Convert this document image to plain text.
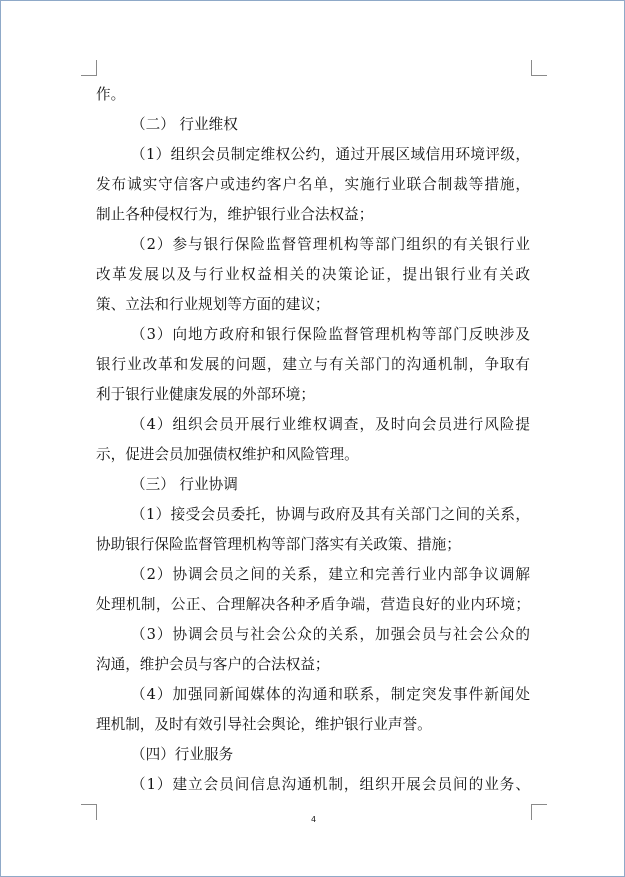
作。
（二） 行业维权
（1）组织会员制定维权公约，通过开展区域信用环境评级，
发布诚实守信客户或违约客户名单，实施行业联合制裁等措施，
制止各种侵权行为，维护银行业合法权益；
（2）参与银行保险监督管理机构等部门组织的有关银行业
改革发展以及与行业权益相关的决策论证，提出银行业有关政
策、立法和行业规划等方面的建议；
（3）向地方政府和银行保险监督管理机构等部门反映涉及
银行业改革和发展的问题，建立与有关部门的沟通机制，争取有
利于银行业健康发展的外部环境；
（4）组织会员开展行业维权调查，及时向会员进行风险提
示，促进会员加强债权维护和风险管理。
（三） 行业协调
（1）接受会员委托，协调与政府及其有关部门之间的关系，
协助银行保险监督管理机构等部门落实有关政策、措施；
（2）协调会员之间的关系，建立和完善行业内部争议调解
处理机制，公正、合理解决各种矛盾争端，营造良好的业内环境；
（3）协调会员与社会公众的关系，加强会员与社会公众的
沟通，维护会员与客户的合法权益；
（4）加强同新闻媒体的沟通和联系，制定突发事件新闻处
理机制，及时有效引导社会舆论，维护银行业声誉。
（四）行业服务
（1）建立会员间信息沟通机制，组织开展会员间的业务、
4
